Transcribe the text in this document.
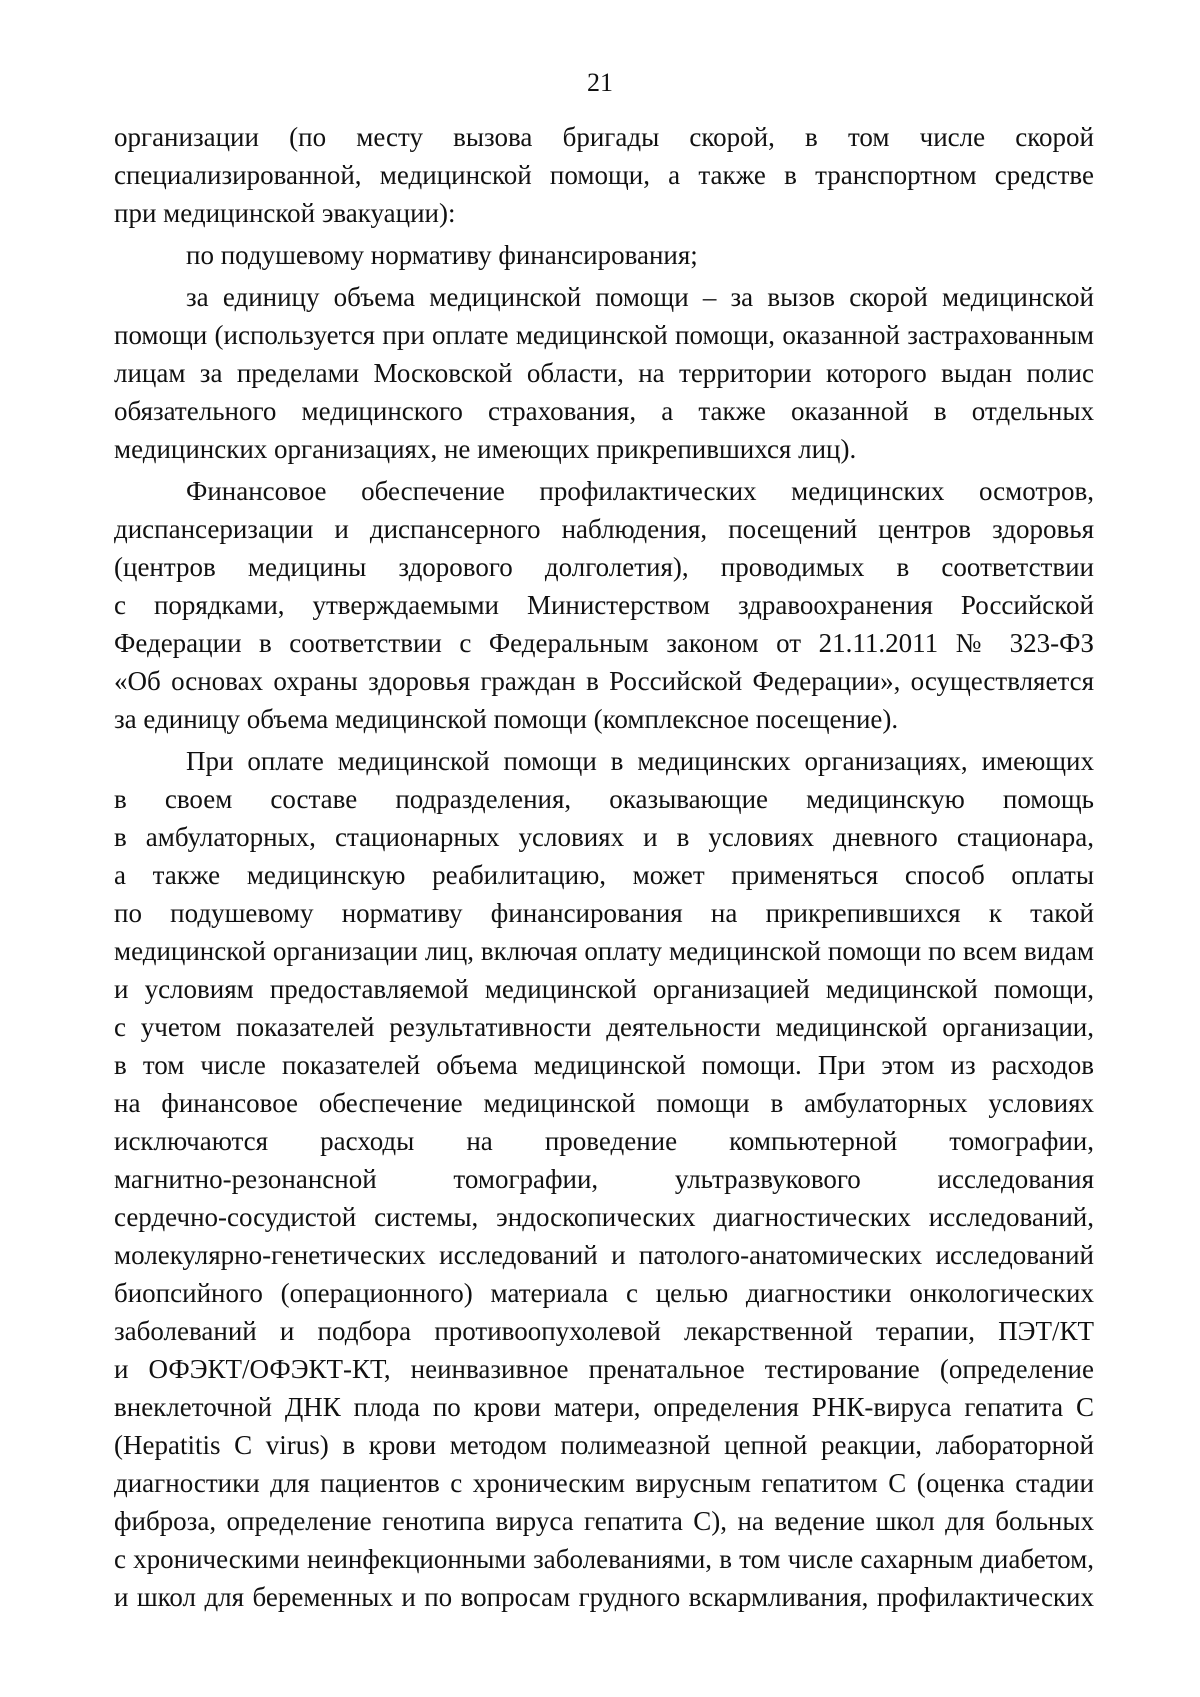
21
организации (по месту вызова бригады скорой, в том числе скорой
специализированной, медицинской помощи, а также в транспортном средстве
при медицинской эвакуации):
по подушевому нормативу финансирования;
за единицу объема медицинской помощи – за вызов скорой медицинской
помощи (используется при оплате медицинской помощи, оказанной застрахованным
лицам за пределами Московской области, на территории которого выдан полис
обязательного медицинского страхования, а также оказанной в отдельных
медицинских организациях, не имеющих прикрепившихся лиц).
Финансовое обеспечение профилактических медицинских осмотров,
диспансеризации и диспансерного наблюдения, посещений центров здоровья
(центров медицины здорового долголетия), проводимых в соответствии
с порядками, утверждаемыми Министерством здравоохранения Российской
Федерации в соответствии с Федеральным законом от 21.11.2011 № 323-ФЗ
«Об основах охраны здоровья граждан в Российской Федерации», осуществляется
за единицу объема медицинской помощи (комплексное посещение).
При оплате медицинской помощи в медицинских организациях, имеющих
в своем составе подразделения, оказывающие медицинскую помощь
в амбулаторных, стационарных условиях и в условиях дневного стационара,
а также медицинскую реабилитацию, может применяться способ оплаты
по подушевому нормативу финансирования на прикрепившихся к такой
медицинской организации лиц, включая оплату медицинской помощи по всем видам
и условиям предоставляемой медицинской организацией медицинской помощи,
с учетом показателей результативности деятельности медицинской организации,
в том числе показателей объема медицинской помощи. При этом из расходов
на финансовое обеспечение медицинской помощи в амбулаторных условиях
исключаются расходы на проведение компьютерной томографии,
магнитно-резонансной томографии, ультразвукового исследования
сердечно-сосудистой системы, эндоскопических диагностических исследований,
молекулярно-генетических исследований и патолого-анатомических исследований
биопсийного (операционного) материала с целью диагностики онкологических
заболеваний и подбора противоопухолевой лекарственной терапии, ПЭТ/КТ
и ОФЭКТ/ОФЭКТ-КТ, неинвазивное пренатальное тестирование (определение
внеклеточной ДНК плода по крови матери, определения РНК-вируса гепатита С
(Hepatitis C virus) в крови методом полимеазной цепной реакции, лабораторной
диагностики для пациентов с хроническим вирусным гепатитом С (оценка стадии
фиброза, определение генотипа вируса гепатита С), на ведение школ для больных
с хроническими неинфекционными заболеваниями, в том числе сахарным диабетом,
и школ для беременных и по вопросам грудного вскармливания, профилактических
